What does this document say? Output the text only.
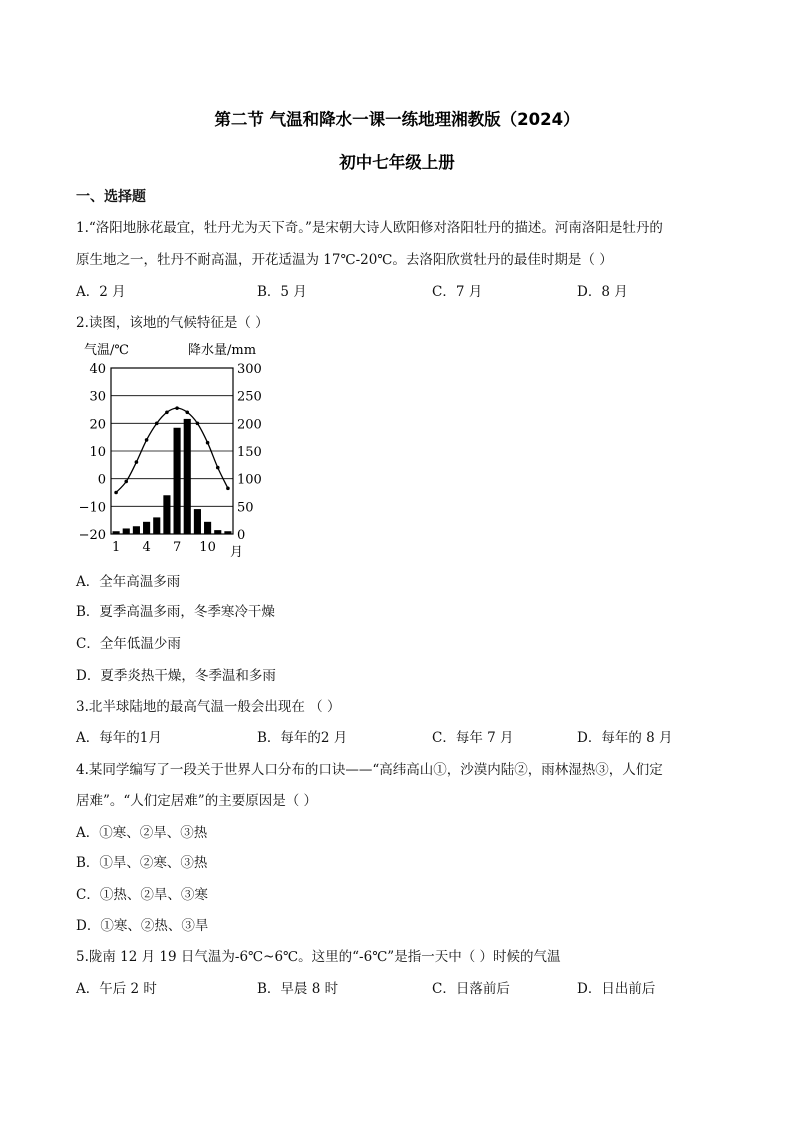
第二节 气温和降水一课一练地理湘教版（2024）
初中七年级上册
一、选择题
1.“洛阳地脉花最宜，牡丹尤为天下奇。”是宋朝大诗人欧阳修对洛阳牡丹的描述。河南洛阳是牡丹的
原生地之一，牡丹不耐高温，开花适温为 17℃-20℃。去洛阳欣赏牡丹的最佳时期是（ ）
A．2 月	B．5 月	C．7 月	D．8 月
2.读图，该地的气候特征是（ ）
气温/℃	降水量/mm
40
30
20
10
0
−10
−20
300
250
200
150
100
50
0
1 4 7 10 月
A．全年高温多雨
B．夏季高温多雨，冬季寒冷干燥
C．全年低温少雨
D．夏季炎热干燥，冬季温和多雨
3.北半球陆地的最高气温一般会出现在 （ ）
A．每年的1月	B．每年的2 月	C．每年 7 月	D．每年的 8 月
4.某同学编写了一段关于世界人口分布的口诀——“高纬高山①，沙漠内陆②，雨林湿热③，人们定
居难”。“人们定居难”的主要原因是（ ）
A．①寒、②旱、③热
B．①旱、②寒、③热
C．①热、②旱、③寒
D．①寒、②热、③旱
5.陇南 12 月 19 日气温为-6℃~6℃。这里的“-6℃”是指一天中（ ）时候的气温
A．午后 2 时	B．早晨 8 时	C．日落前后	D．日出前后
